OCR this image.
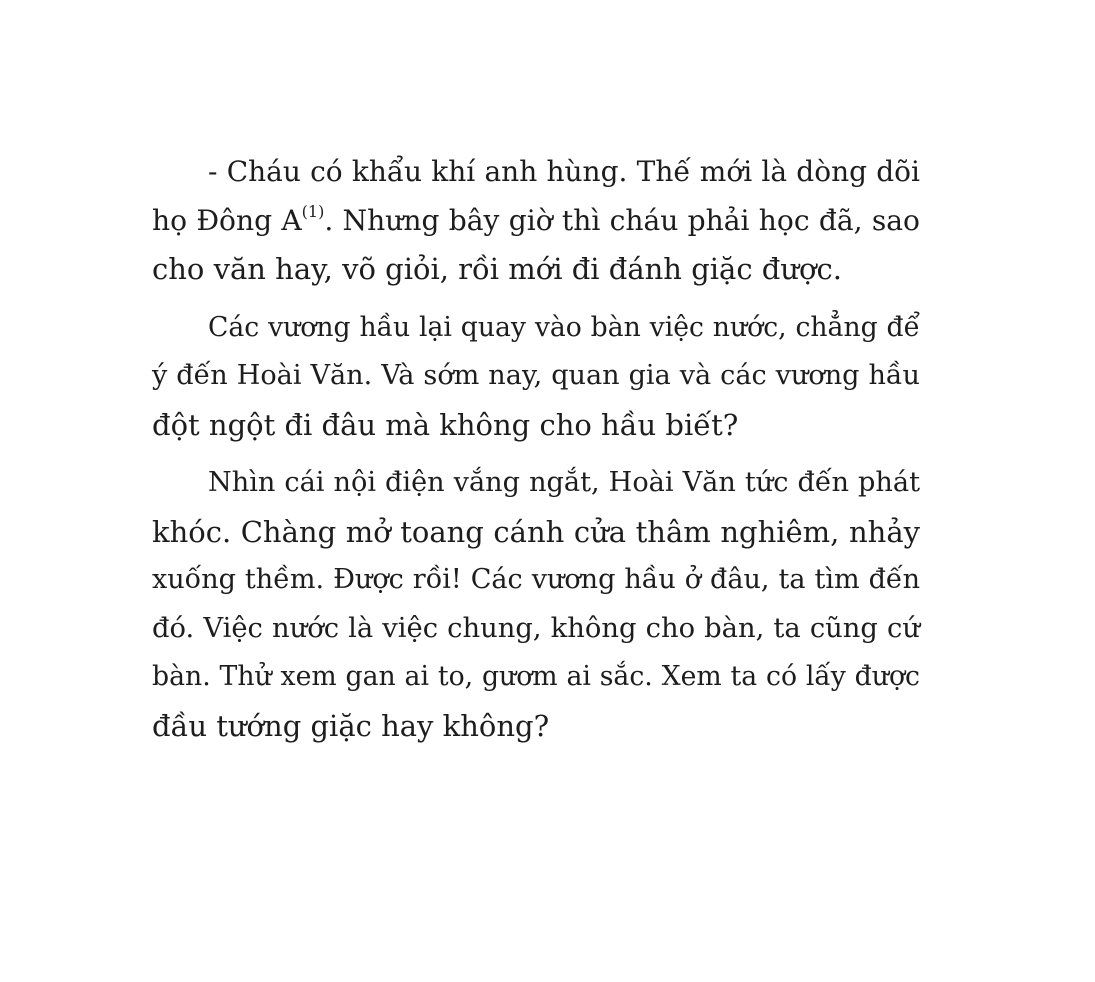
- Cháu có khẩu khí anh hùng. Thế mới là dòng dõi
họ Đông A$^{(1)}$. Nhưng bây giờ thì cháu phải học đã, sao
cho văn hay, võ giỏi, rồi mới đi đánh giặc được.

Các vương hầu lại quay vào bàn việc nước, chẳng để
ý đến Hoài Văn. Và sớm nay, quan gia và các vương hầu
đột ngột đi đâu mà không cho hầu biết?

Nhìn cái nội điện vắng ngắt, Hoài Văn tức đến phát
khóc. Chàng mở toang cánh cửa thâm nghiêm, nhảy
xuống thềm. Được rồi! Các vương hầu ở đâu, ta tìm đến
đó. Việc nước là việc chung, không cho bàn, ta cũng cứ
bàn. Thử xem gan ai to, gươm ai sắc. Xem ta có lấy được
đầu tướng giặc hay không?
